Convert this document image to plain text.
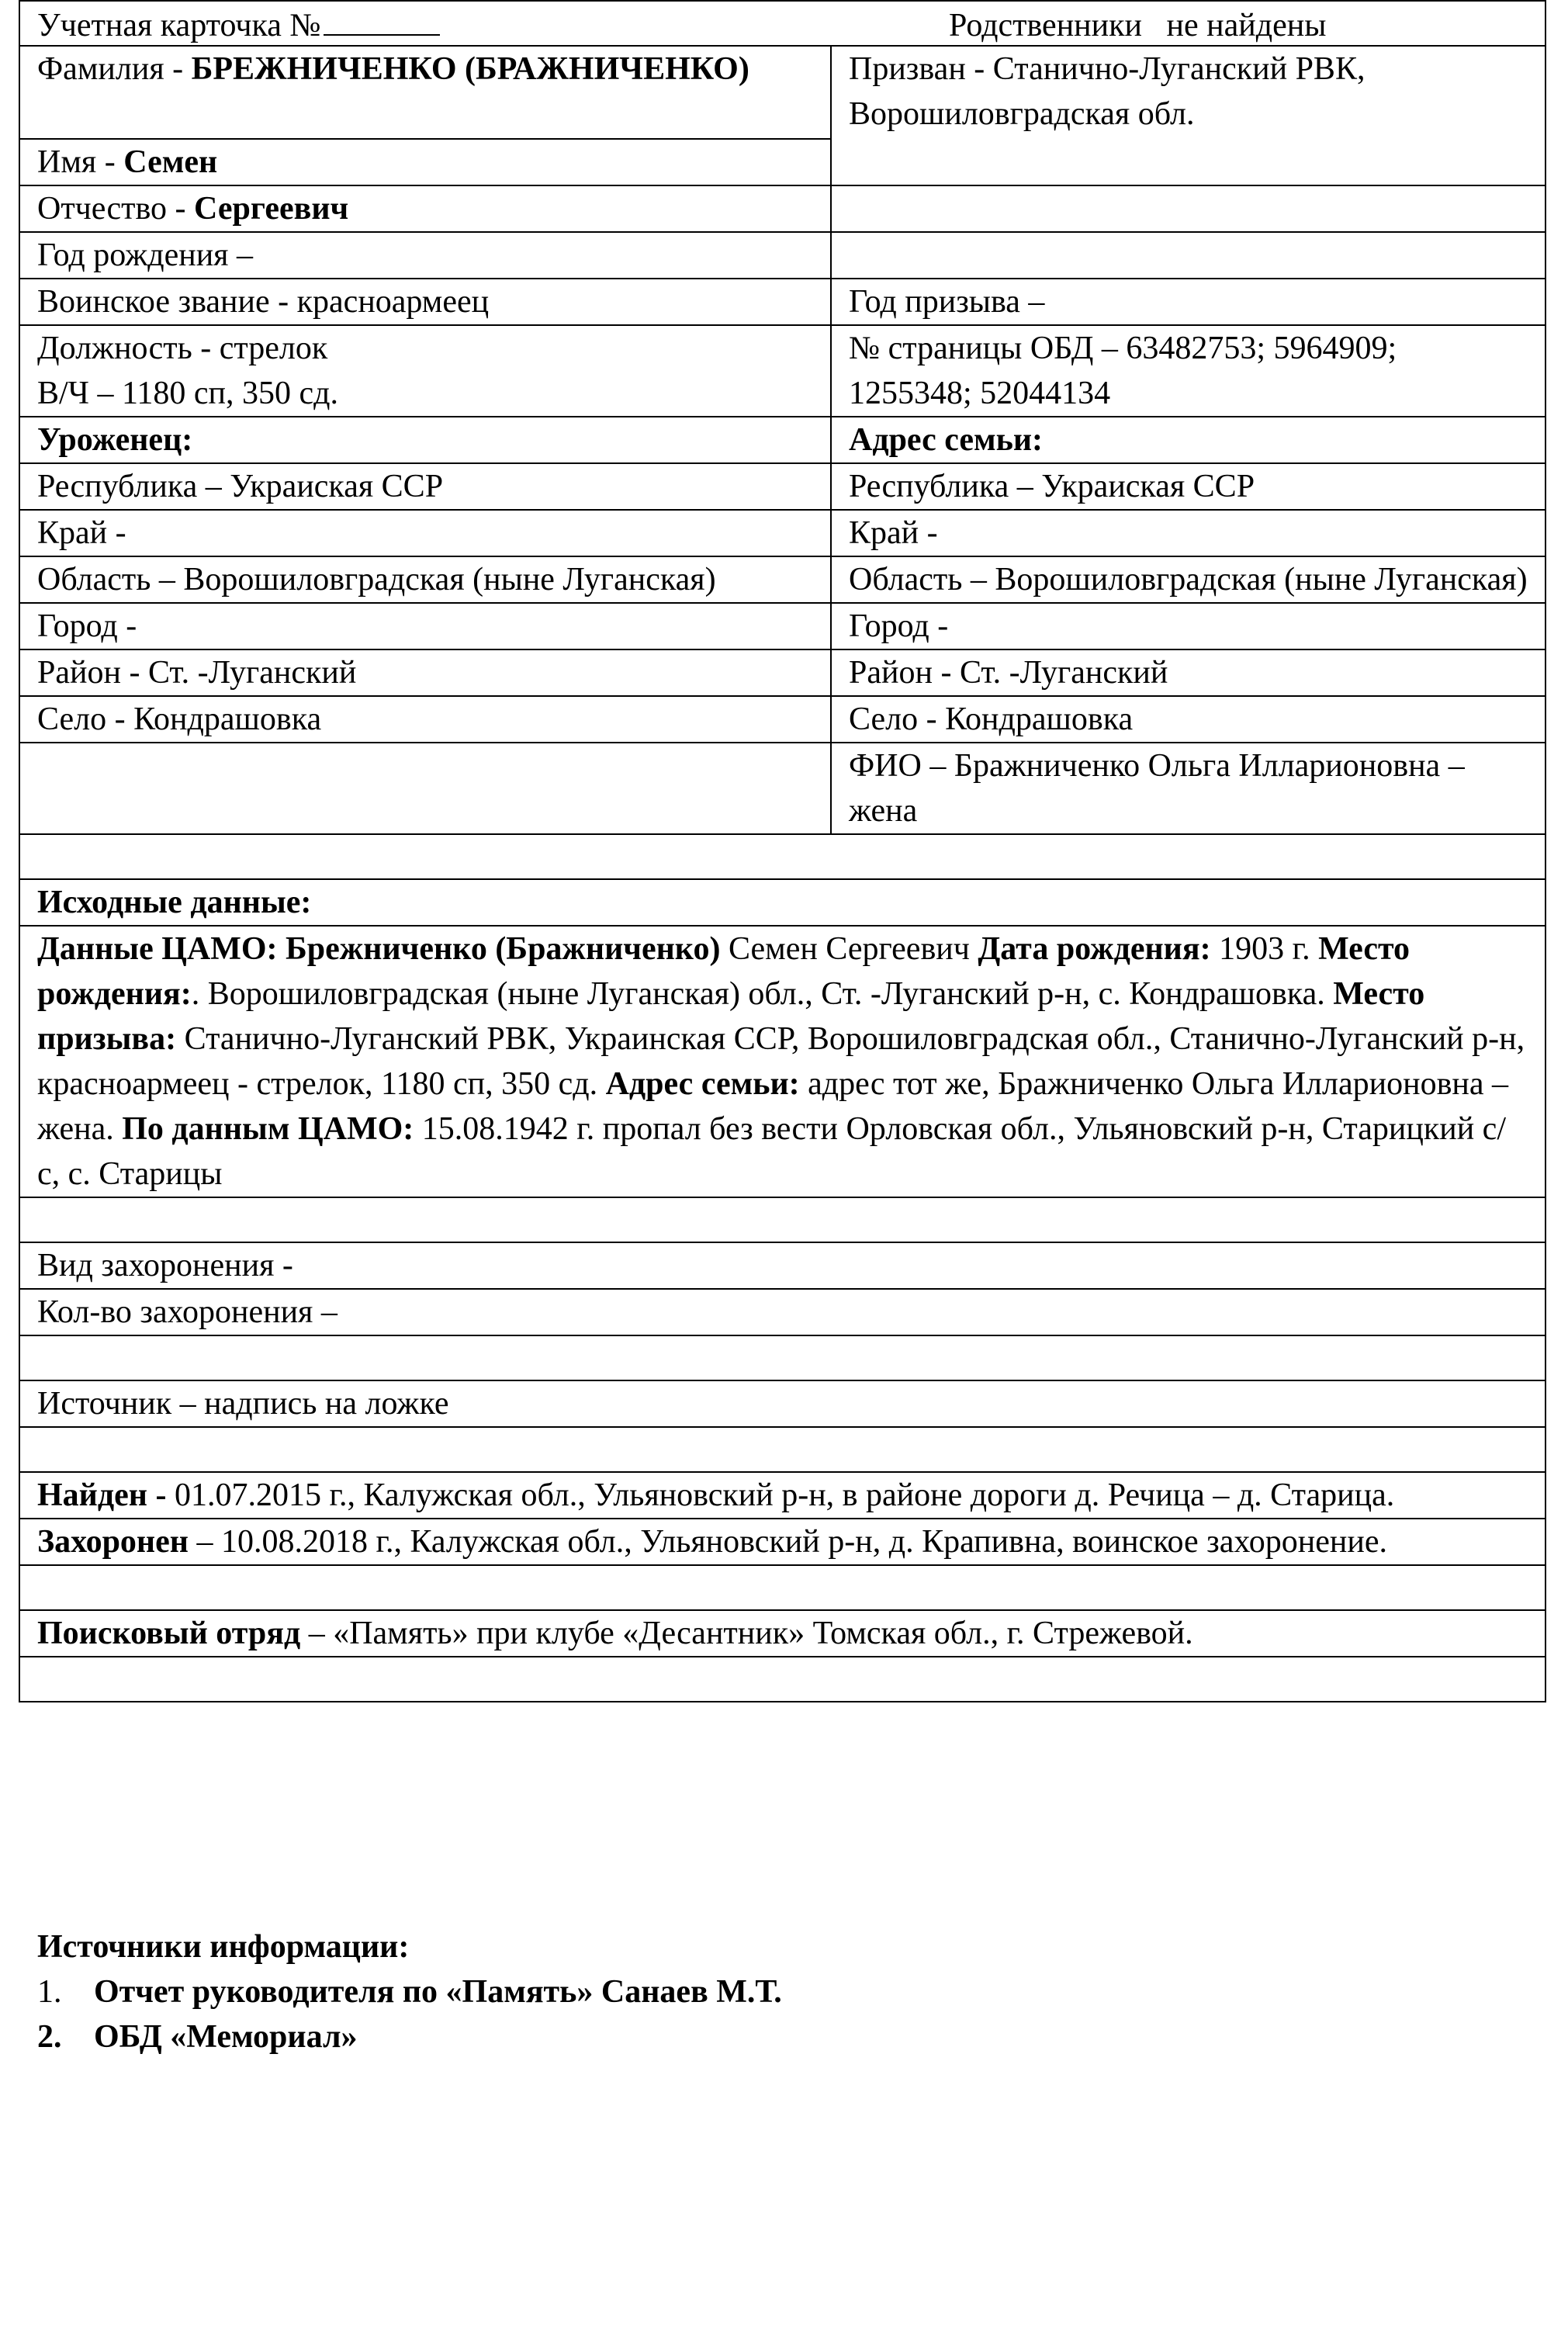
Учетная карточка №	Родственники   не найдены
Фамилия - БРЕЖНИЧЕНКО (БРАЖНИЧЕНКО)	Призван - Станично-Луганский РВК, Ворошиловградская обл.
Имя - Семен	
Отчество - Сергеевич	
Год рождения –	
Воинское звание - красноармеец	Год призыва –

Должность - стрелок
В/Ч – 1180 сп, 350 сд.	№ страницы ОБД – 63482753; 5964909; 1255348; 52044134
Уроженец:	Адрес семьи:
Республика – Украиская ССР	Республика – Украиская ССР
Край -	Край -
Область – Ворошиловградская (ныне Луганская)	Область – Ворошиловградская (ныне Луганская)
Город -	Город -
Район - Ст. -Луганский	Район - Ст. -Луганский
Село - Кондрашовка	Село - Кондрашовка
	ФИО – Бражниченко Ольга Илларионовна – жена

Исходные данные:	
Данные ЦАМО: Брежниченко (Бражниченко) Семен Сергеевич Дата рождения: 1903 г. Место рождения:. Ворошиловградская (ныне Луганская) обл., Ст. -Луганский р-н, с. Кондрашовка. Место призыва: Станично-Луганский РВК, Украинская ССР, Ворошиловградская обл., Станично-Луганский р-н, красноармеец - стрелок, 1180 сп, 350 сд. Адрес семьи: адрес тот же, Бражниченко Ольга Илларионовна – жена. По данным ЦАМО: 15.08.1942 г. пропал без вести Орловская обл., Ульяновский р-н, Старицкий с/с, с. Старицы	

Вид захоронения -	
Кол-во захоронения –	

Источник – надпись на ложке	

Найден - 01.07.2015 г., Калужская обл., Ульяновский р-н, в районе дороги д. Речица – д. Старица.	
Захоронен – 10.08.2018 г., Калужская обл., Ульяновский р-н, д. Крапивна, воинское захоронение.	

Поисковый отряд – «Память» при клубе «Десантник» Томская обл., г. Стрежевой.	

Источники информации:
1. Отчет руководителя по «Память» Санаев М.Т.
2. ОБД «Мемориал»
